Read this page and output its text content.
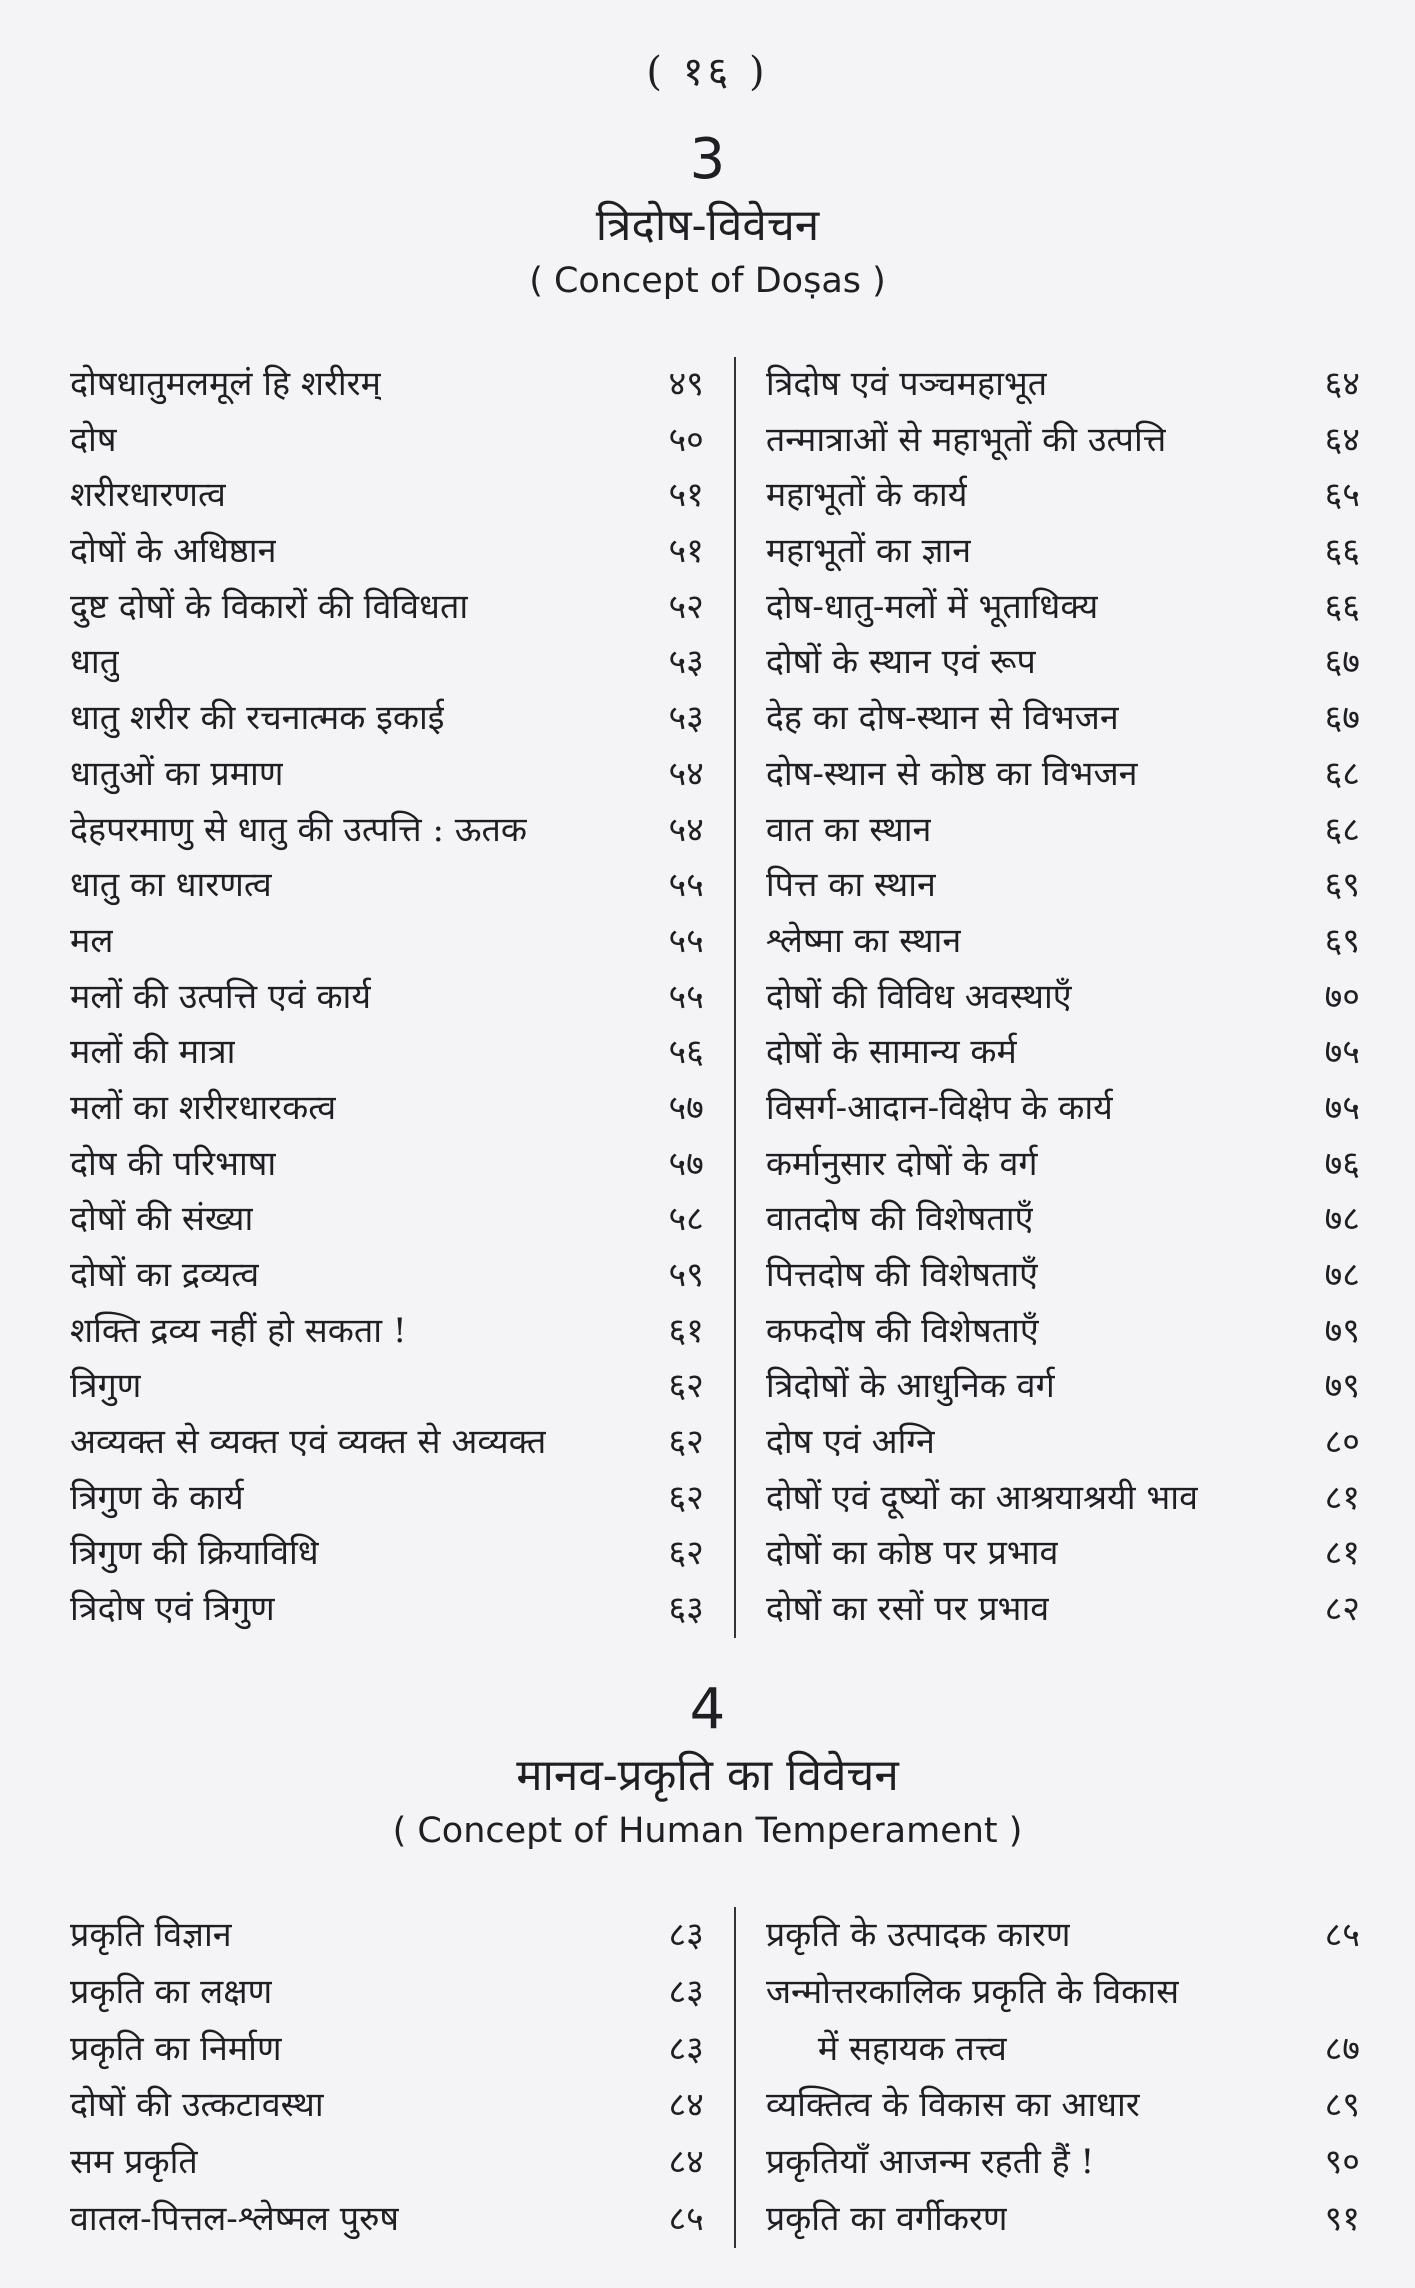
( १६ )
3
त्रिदोष-विवेचन
( Concept of Doṣas )
दोषधातुमलमूलं हि शरीरम्	४९
दोष	५०
शरीरधारणत्व	५१
दोषों के अधिष्ठान	५१
दुष्ट दोषों के विकारों की विविधता	५२
धातु	५३
धातु शरीर की रचनात्मक इकाई	५३
धातुओं का प्रमाण	५४
देहपरमाणु से धातु की उत्पत्ति : ऊतक	५४
धातु का धारणत्व	५५
मल	५५
मलों की उत्पत्ति एवं कार्य	५५
मलों की मात्रा	५६
मलों का शरीरधारकत्व	५७
दोष की परिभाषा	५७
दोषों की संख्या	५८
दोषों का द्रव्यत्व	५९
शक्ति द्रव्य नहीं हो सकता !	६१
त्रिगुण	६२
अव्यक्त से व्यक्त एवं व्यक्त से अव्यक्त	६२
त्रिगुण के कार्य	६२
त्रिगुण की क्रियाविधि	६२
त्रिदोष एवं त्रिगुण	६३
त्रिदोष एवं पञ्चमहाभूत	६४
तन्मात्राओं से महाभूतों की उत्पत्ति	६४
महाभूतों के कार्य	६५
महाभूतों का ज्ञान	६६
दोष-धातु-मलों में भूताधिक्य	६६
दोषों के स्थान एवं रूप	६७
देह का दोष-स्थान से विभजन	६७
दोष-स्थान से कोष्ठ का विभजन	६८
वात का स्थान	६८
पित्त का स्थान	६९
श्लेष्मा का स्थान	६९
दोषों की विविध अवस्थाएँ	७०
दोषों के सामान्य कर्म	७५
विसर्ग-आदान-विक्षेप के कार्य	७५
कर्मानुसार दोषों के वर्ग	७६
वातदोष की विशेषताएँ	७८
पित्तदोष की विशेषताएँ	७८
कफदोष की विशेषताएँ	७९
त्रिदोषों के आधुनिक वर्ग	७९
दोष एवं अग्नि	८०
दोषों एवं दूष्यों का आश्रयाश्रयी भाव	८१
दोषों का कोष्ठ पर प्रभाव	८१
दोषों का रसों पर प्रभाव	८२
4
मानव-प्रकृति का विवेचन
( Concept of Human Temperament )
प्रकृति विज्ञान	८३
प्रकृति का लक्षण	८३
प्रकृति का निर्माण	८३
दोषों की उत्कटावस्था	८४
सम प्रकृति	८४
वातल-पित्तल-श्लेष्मल पुरुष	८५
प्रकृति के उत्पादक कारण	८५
जन्मोत्तरकालिक प्रकृति के विकास
में सहायक तत्त्व	८७
व्यक्तित्व के विकास का आधार	८९
प्रकृतियाँ आजन्म रहती हैं !	९०
प्रकृति का वर्गीकरण	९१
